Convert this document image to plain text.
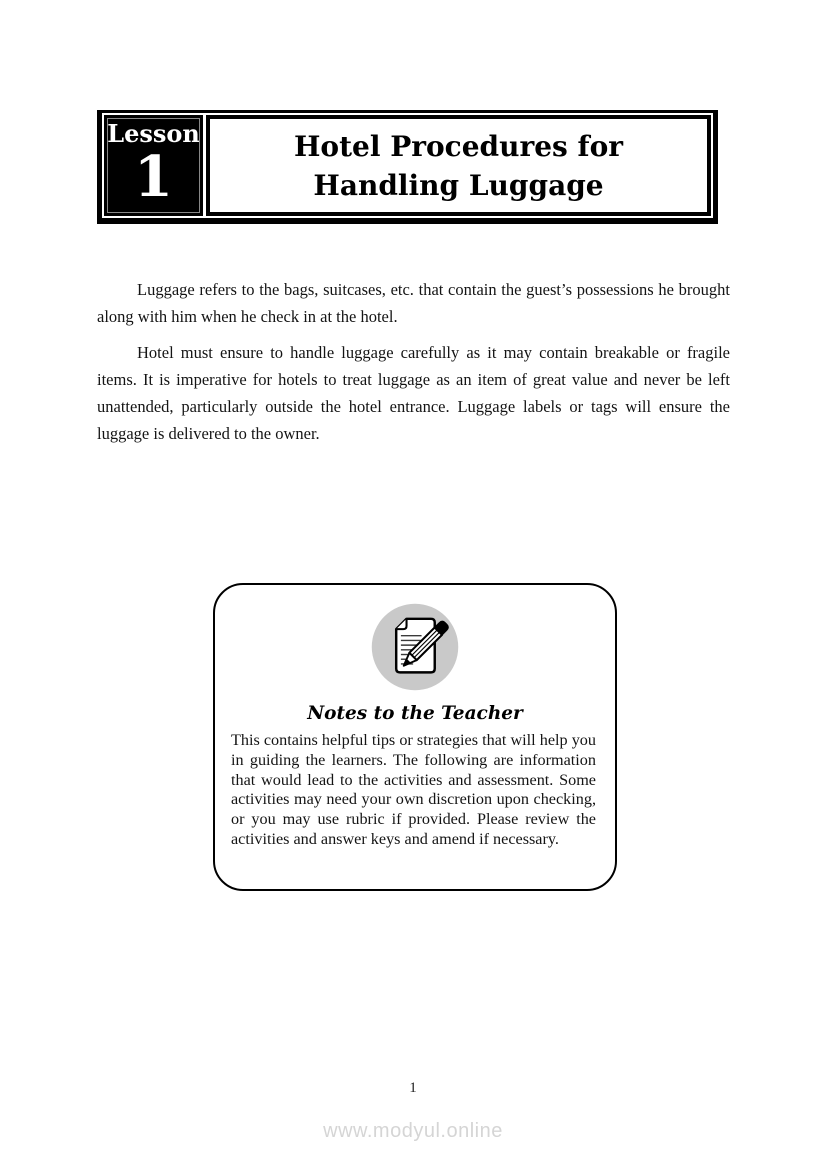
Lesson
1	Hotel Procedures for
Handling Luggage

Luggage refers to the bags, suitcases, etc. that contain the guest’s possessions he brought along with him when he check in at the hotel.

Hotel must ensure to handle luggage carefully as it may contain breakable or fragile items. It is imperative for hotels to treat luggage as an item of great value and never be left unattended, particularly outside the hotel entrance. Luggage labels or tags will ensure the luggage is delivered to the owner.

Notes to the Teacher
This contains helpful tips or strategies that will help you in guiding the learners. The following are information that would lead to the activities and assessment. Some activities may need your own discretion upon checking, or you may use rubric if provided. Please review the activities and answer keys and amend if necessary.
1
www.modyul.online
